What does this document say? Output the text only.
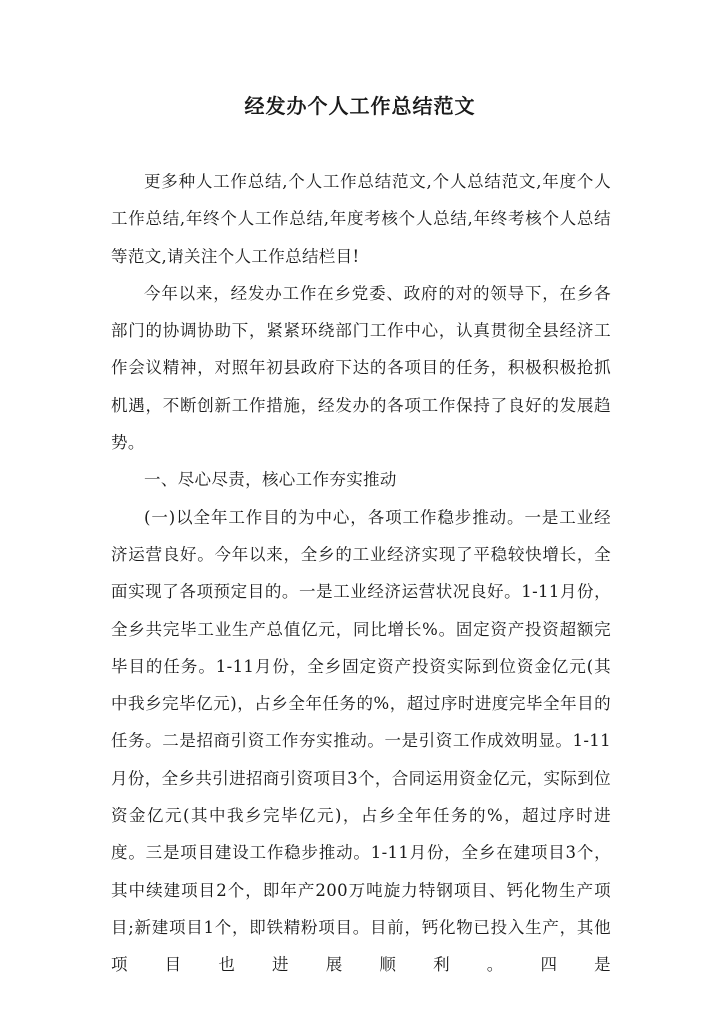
经发办个人工作总结范文

更多种人工作总结,个人工作总结范文,个人总结范文,年度个人工作总结,年终个人工作总结,年度考核个人总结,年终考核个人总结等范文,请关注个人工作总结栏目!

今年以来，经发办工作在乡党委、政府的对的领导下，在乡各部门的协调协助下，紧紧环绕部门工作中心，认真贯彻全县经济工作会议精神，对照年初县政府下达的各项目的任务，积极积极抢抓机遇，不断创新工作措施，经发办的各项工作保持了良好的发展趋势。

一、尽心尽责，核心工作夯实推动

(一)以全年工作目的为中心，各项工作稳步推动。一是工业经济运营良好。今年以来，全乡的工业经济实现了平稳较快增长，全面实现了各项预定目的。一是工业经济运营状况良好。1-11月份，全乡共完毕工业生产总值亿元，同比增长%。固定资产投资超额完毕目的任务。1-11月份，全乡固定资产投资实际到位资金亿元(其中我乡完毕亿元)，占乡全年任务的%，超过序时进度完毕全年目的任务。二是招商引资工作夯实推动。一是引资工作成效明显。1-11月份，全乡共引进招商引资项目3个，合同运用资金亿元，实际到位资金亿元(其中我乡完毕亿元)，占乡全年任务的%，超过序时进度。三是项目建设工作稳步推动。1-11月份，全乡在建项目3个，其中续建项目2个，即年产200万吨旋力特钢项目、钙化物生产项目;新建项目1个，即铁精粉项目。目前，钙化物已投入生产，其他项目也进展顺利。四是
